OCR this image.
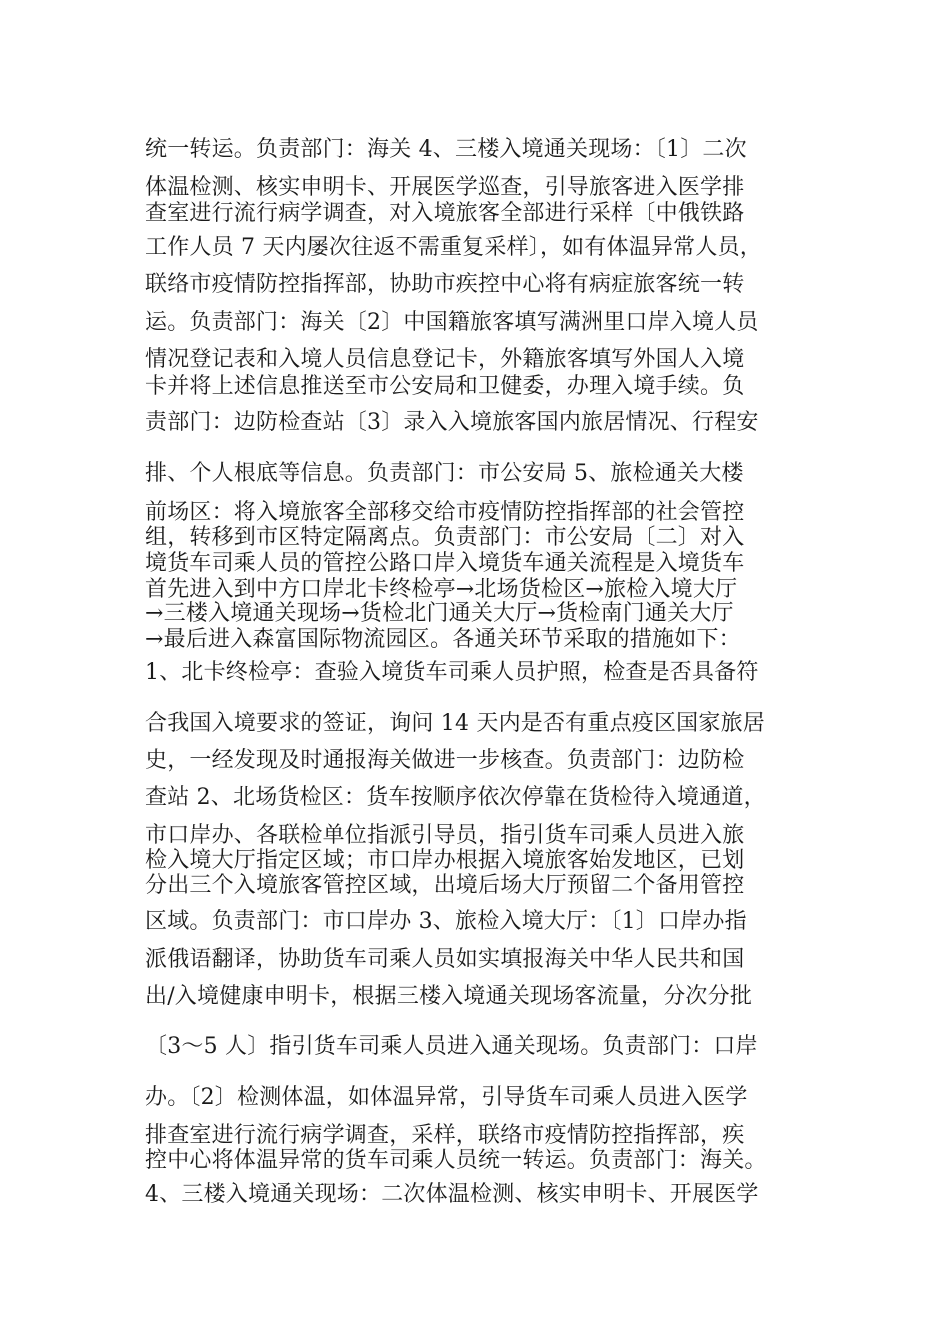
统一转运。负责部门：海关 4、三楼入境通关现场：〔1〕二次
体温检测、核实申明卡、开展医学巡查，引导旅客进入医学排
查室进行流行病学调查，对入境旅客全部进行采样〔中俄铁路
工作人员 7 天内屡次往返不需重复采样〕，如有体温异常人员，
联络市疫情防控指挥部，协助市疾控中心将有病症旅客统一转
运。负责部门：海关〔2〕中国籍旅客填写满洲里口岸入境人员
情况登记表和入境人员信息登记卡，外籍旅客填写外国人入境
卡并将上述信息推送至市公安局和卫健委，办理入境手续。负
责部门：边防检查站〔3〕录入入境旅客国内旅居情况、行程安
排、个人根底等信息。负责部门：市公安局 5、旅检通关大楼
前场区：将入境旅客全部移交给市疫情防控指挥部的社会管控
组，转移到市区特定隔离点。负责部门：市公安局〔二〕对入
境货车司乘人员的管控公路口岸入境货车通关流程是入境货车
首先进入到中方口岸北卡终检亭→北场货检区→旅检入境大厅
→三楼入境通关现场→货检北门通关大厅→货检南门通关大厅
→最后进入森富国际物流园区。各通关环节采取的措施如下：
1、北卡终检亭：查验入境货车司乘人员护照，检查是否具备符
合我国入境要求的签证，询问 14 天内是否有重点疫区国家旅居
史，一经发现及时通报海关做进一步核查。负责部门：边防检
查站 2、北场货检区：货车按顺序依次停靠在货检待入境通道，
市口岸办、各联检单位指派引导员，指引货车司乘人员进入旅
检入境大厅指定区域；市口岸办根据入境旅客始发地区，已划
分出三个入境旅客管控区域，出境后场大厅预留二个备用管控
区域。负责部门：市口岸办 3、旅检入境大厅：〔1〕口岸办指
派俄语翻译，协助货车司乘人员如实填报海关中华人民共和国
出/入境健康申明卡，根据三楼入境通关现场客流量，分次分批
〔3～5 人〕指引货车司乘人员进入通关现场。负责部门：口岸
办。〔2〕检测体温，如体温异常，引导货车司乘人员进入医学
排查室进行流行病学调查，采样，联络市疫情防控指挥部，疾
控中心将体温异常的货车司乘人员统一转运。负责部门：海关。
4、三楼入境通关现场：二次体温检测、核实申明卡、开展医学
